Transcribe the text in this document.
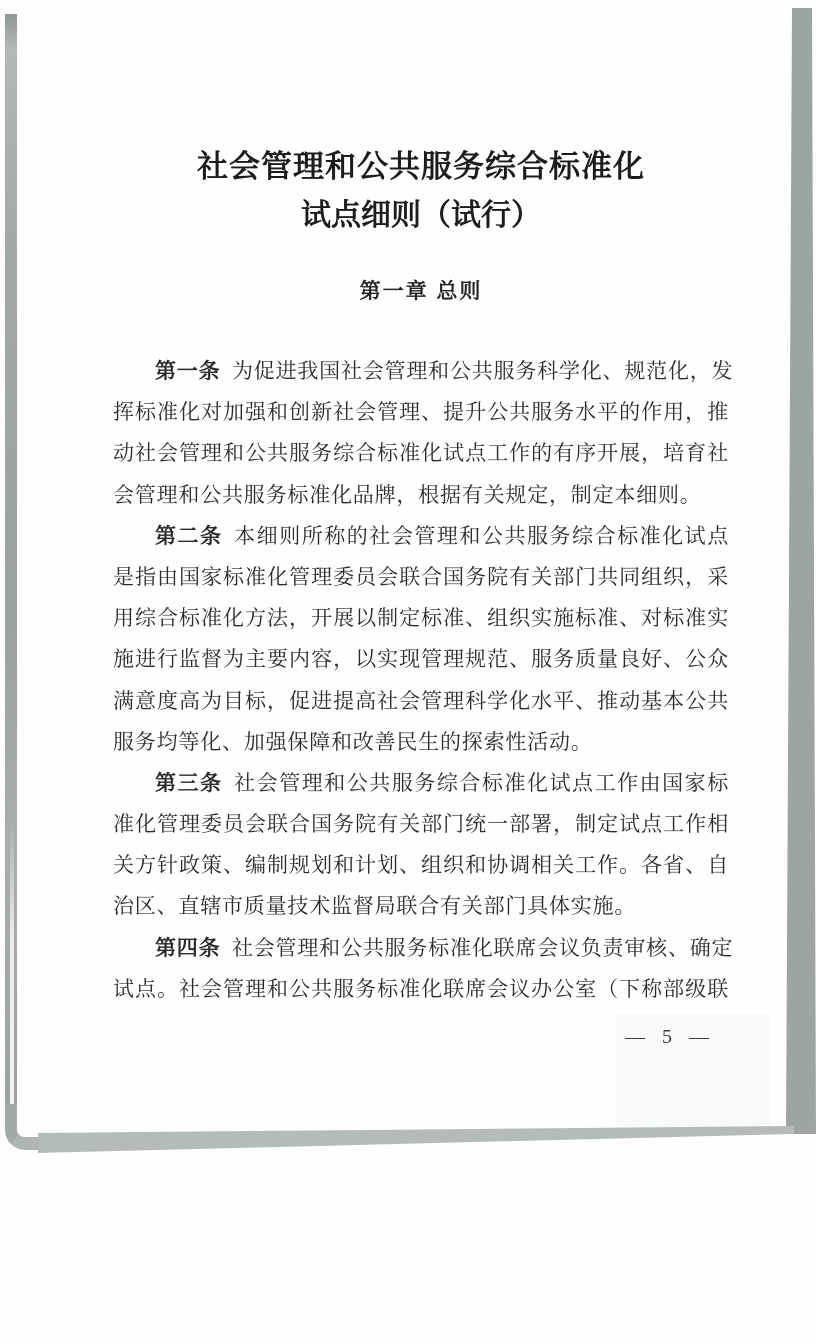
社会管理和公共服务综合标准化
试点细则（试行）
第一章 总则
第一条 为促进我国社会管理和公共服务科学化、规范化，发
挥标准化对加强和创新社会管理、提升公共服务水平的作用，推
动社会管理和公共服务综合标准化试点工作的有序开展，培育社
会管理和公共服务标准化品牌，根据有关规定，制定本细则。
第二条 本细则所称的社会管理和公共服务综合标准化试点
是指由国家标准化管理委员会联合国务院有关部门共同组织，采
用综合标准化方法，开展以制定标准、组织实施标准、对标准实
施进行监督为主要内容，以实现管理规范、服务质量良好、公众
满意度高为目标，促进提高社会管理科学化水平、推动基本公共
服务均等化、加强保障和改善民生的探索性活动。
第三条 社会管理和公共服务综合标准化试点工作由国家标
准化管理委员会联合国务院有关部门统一部署，制定试点工作相
关方针政策、编制规划和计划、组织和协调相关工作。各省、自
治区、直辖市质量技术监督局联合有关部门具体实施。
第四条 社会管理和公共服务标准化联席会议负责审核、确定
试点。社会管理和公共服务标准化联席会议办公室（下称部级联
— 5 —
